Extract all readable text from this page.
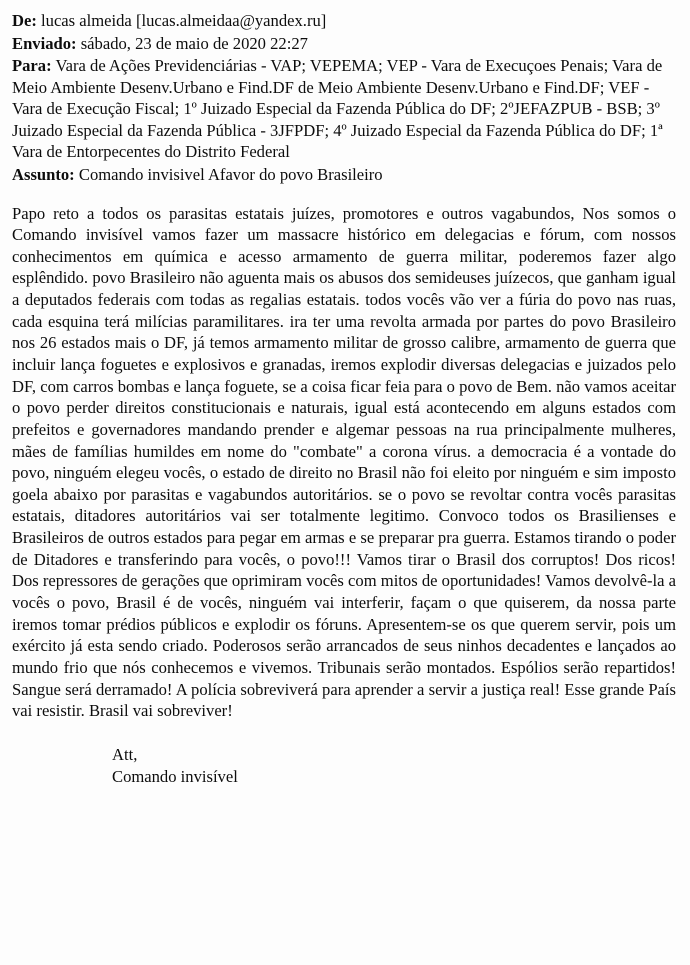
De: lucas almeida [lucas.almeidaa@yandex.ru]

Enviado: sábado, 23 de maio de 2020 22:27

Para: Vara de Ações Previdenciárias - VAP; VEPEMA; VEP - Vara de Execuçoes Penais; Vara de Meio Ambiente Desenv.Urbano e Find.DF de Meio Ambiente Desenv.Urbano e Find.DF; VEF - Vara de Execução Fiscal; 1º Juizado Especial da Fazenda Pública do DF; 2ºJEFAZPUB - BSB; 3º Juizado Especial da Fazenda Pública - 3JFPDF; 4º Juizado Especial da Fazenda Pública do DF; 1ª Vara de Entorpecentes do Distrito Federal

Assunto: Comando invisivel Afavor do povo Brasileiro

Papo reto a todos os parasitas estatais juízes, promotores e outros vagabundos, Nos somos o Comando invisível vamos fazer um massacre histórico em delegacias e fórum, com nossos conhecimentos em química e acesso armamento de guerra militar, poderemos fazer algo esplêndido. povo Brasileiro não aguenta mais os abusos dos semideuses juízecos, que ganham igual a deputados federais com todas as regalias estatais. todos vocês vão ver a fúria do povo nas ruas, cada esquina terá milícias paramilitares. ira ter uma revolta armada por partes do povo Brasileiro nos 26 estados mais o DF, já temos armamento militar de grosso calibre, armamento de guerra que incluir lança foguetes e explosivos e granadas, iremos explodir diversas delegacias e juizados pelo DF, com carros bombas e lança foguete, se a coisa ficar feia para o povo de Bem. não vamos aceitar o povo perder direitos constitucionais e naturais, igual está acontecendo em alguns estados com prefeitos e governadores mandando prender e algemar pessoas na rua principalmente mulheres, mães de famílias humildes em nome do "combate" a corona vírus. a democracia é a vontade do povo, ninguém elegeu vocês, o estado de direito no Brasil não foi eleito por ninguém e sim imposto goela abaixo por parasitas e vagabundos autoritários. se o povo se revoltar contra vocês parasitas estatais, ditadores autoritários vai ser totalmente legitimo. Convoco todos os Brasilienses e Brasileiros de outros estados para pegar em armas e se preparar pra guerra. Estamos tirando o poder de Ditadores e transferindo para vocês, o povo!!! Vamos tirar o Brasil dos corruptos! Dos ricos! Dos repressores de gerações que oprimiram vocês com mitos de oportunidades! Vamos devolvê-la a vocês o povo, Brasil é de vocês, ninguém vai interferir, façam o que quiserem, da nossa parte iremos tomar prédios públicos e explodir os fóruns. Apresentem-se os que querem servir, pois um exército já esta sendo criado. Poderosos serão arrancados de seus ninhos decadentes e lançados ao mundo frio que nós conhecemos e vivemos. Tribunais serão montados. Espólios serão repartidos! Sangue será derramado! A polícia sobreviverá para aprender a servir a justiça real! Esse grande País vai resistir. Brasil vai sobreviver!

Att,
Comando invisível
